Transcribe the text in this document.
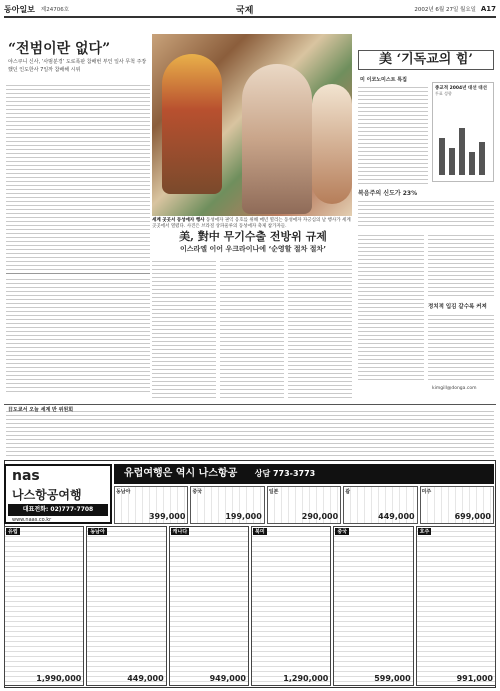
동아일보 제24706호	국제	2002년 6월 27일 월요일 A17
“전범이란 없다”
야스쿠니 신사, ‘사범분경’ 도로폭판 참배번 부인 일사 무척 주장했던 인도한사 7일까 참배해 시위
세계 곳곳서 동성애자 행사 동성애자 권익 옹호를 위해 매년 열리는 동성애자 자긍심의 날 행사가 세계 곳곳에서 열렸다. 사진은 브라질 상파울루의 동성애자 축제 참가자들.
美 ‘기독교의 힘’
미 이코노미스트 특집
종교적 2004년 대선 대선
투표 성향
복음주의 신도가 23%
정치적 입김 갈수록 커져
kimgill@donga.com
美, 對中 무기수출 전방위 규제
이스라엘 이어 우크라이나에 ‘순영할 절차 절차’
日도쿄서 오늘 세계 반 위원회
nas
나스항공여행
대표전화: 02)777-7708
www.naas.co.kr
유럽여행은 역시 나스항공 상담 773-3773
동남아
399,000
중국
199,000
일본
290,000
괌
449,000
미주
699,000
유럽
1,990,000
동남아
449,000
캐나다
949,000
북미
1,290,000
중국
599,000
호주
991,000
